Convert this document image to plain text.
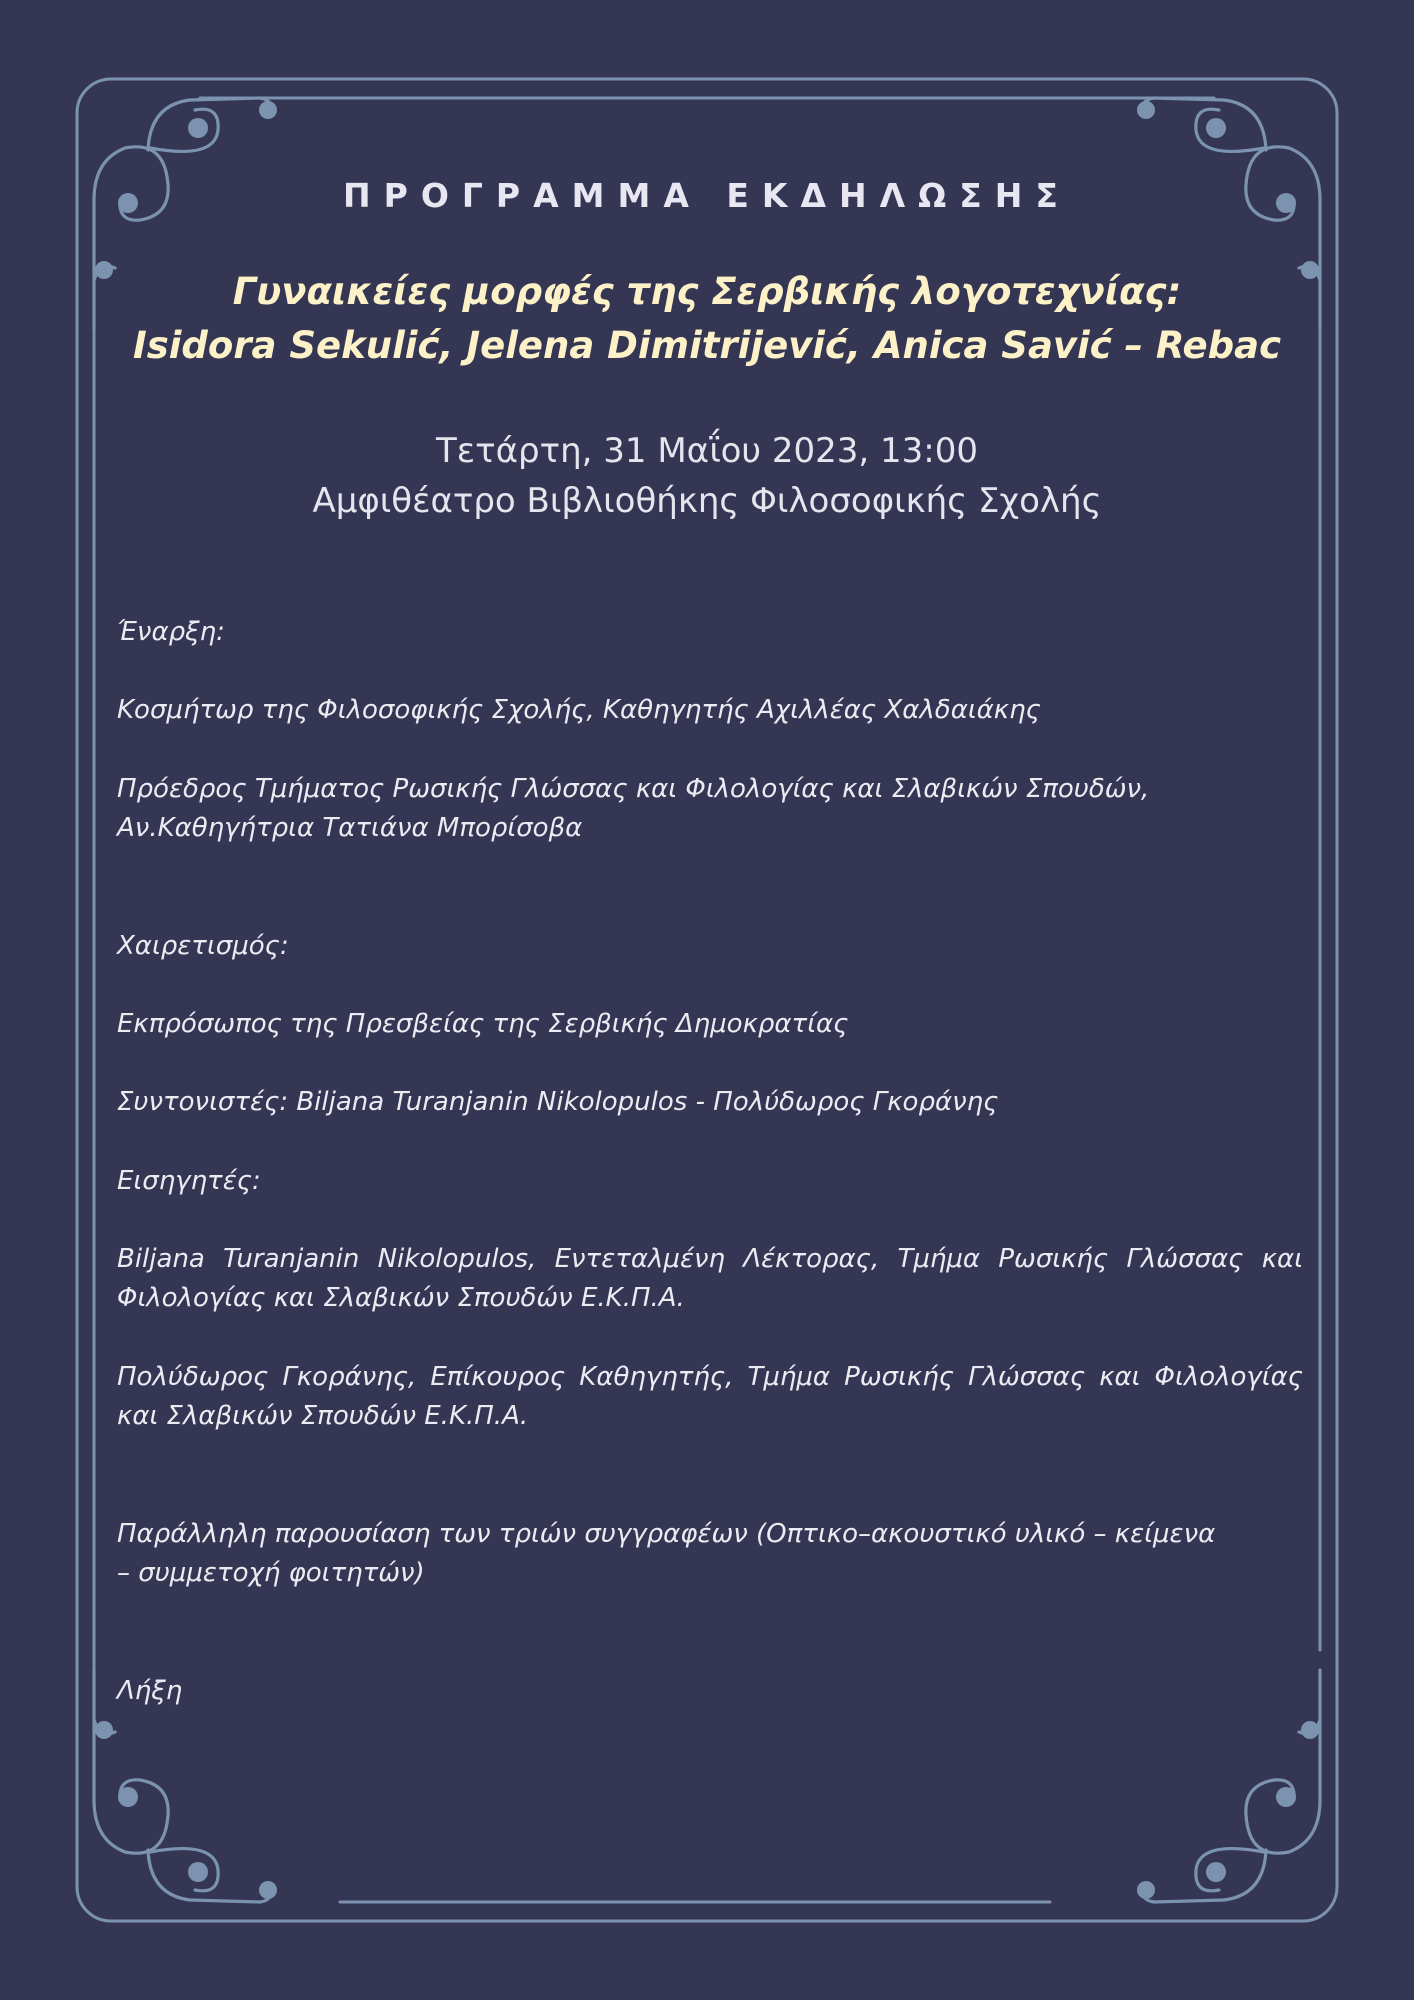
ΠΡΟΓΡΑΜΜΑ ΕΚΔΗΛΩΣΗΣ
Γυναικείες μορφές της Σερβικής λογοτεχνίας:
Isidora Sekulić, Jelena Dimitrijević, Anica Savić – Rebac
Τετάρτη, 31 Μαΐου 2023, 13:00
Αμφιθέατρο Βιβλιοθήκης Φιλοσοφικής Σχολής

Έναρξη:

Κοσμήτωρ της Φιλοσοφικής Σχολής, Καθηγητής Αχιλλέας Χαλδαιάκης

Πρόεδρος Τμήματος Ρωσικής Γλώσσας και Φιλολογίας και Σλαβικών Σπουδών, Αν.Καθηγήτρια Τατιάνα Μπορίσοβα

Χαιρετισμός:

Εκπρόσωπος της Πρεσβείας της Σερβικής Δημοκρατίας

Συντονιστές: Biljana Turanjanin Nikolopulos - Πολύδωρος Γκοράνης

Εισηγητές:

Biljana Turanjanin Nikolopulos, Εντεταλμένη Λέκτορας, Τμήμα Ρωσικής Γλώσσας και Φιλολογίας και Σλαβικών Σπουδών Ε.Κ.Π.Α.

Πολύδωρος Γκοράνης, Επίκουρος Καθηγητής, Τμήμα Ρωσικής Γλώσσας και Φιλολογίας και Σλαβικών Σπουδών Ε.Κ.Π.Α.

Παράλληλη παρουσίαση των τριών συγγραφέων (Οπτικο–ακουστικό υλικό – κείμενα

– συμμετοχή φοιτητών)

Λήξη
